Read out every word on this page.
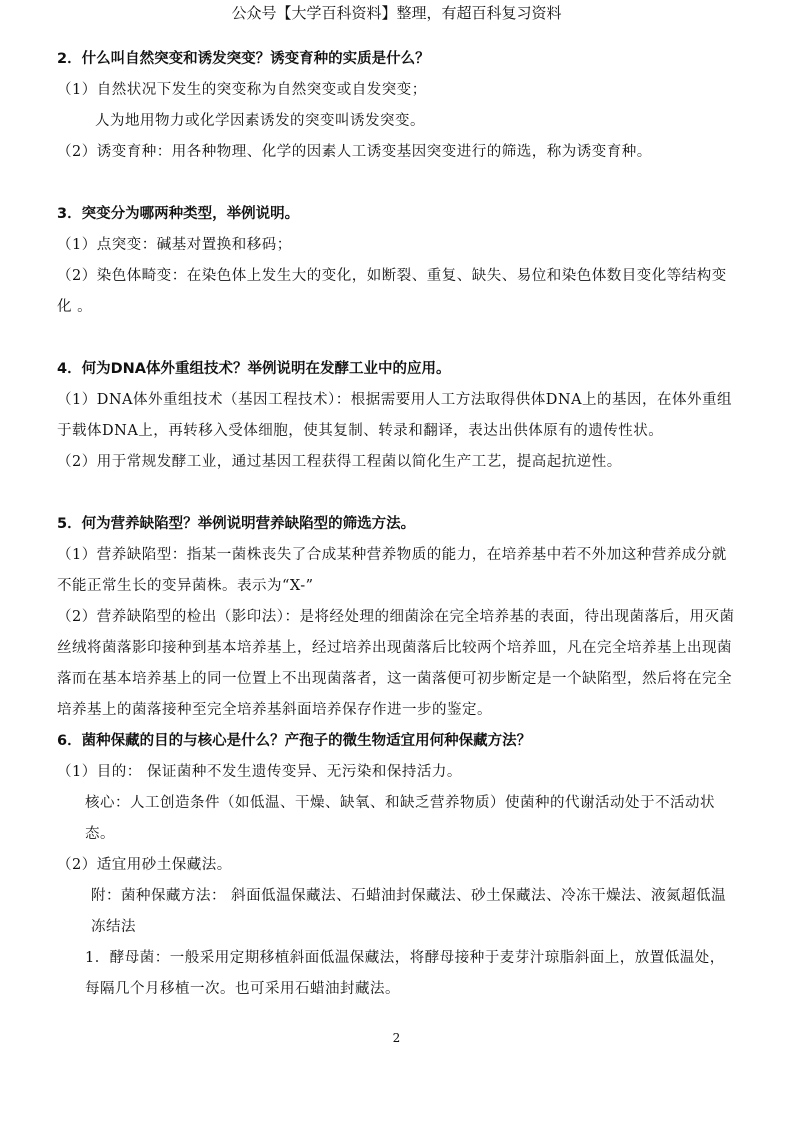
公众号【大学百科资料】整理，有超百科复习资料
2．什么叫自然突变和诱发突变？诱变育种的实质是什么？
（1）自然状况下发生的突变称为自然突变或自发突变；
人为地用物力或化学因素诱发的突变叫诱发突变。
（2）诱变育种：用各种物理、化学的因素人工诱变基因突变进行的筛选，称为诱变育种。
3．突变分为哪两种类型，举例说明。
（1）点突变：碱基对置换和移码；
（2）染色体畸变：在染色体上发生大的变化，如断裂、重复、缺失、易位和染色体数目变化等结构变化 。
4．何为DNA体外重组技术？举例说明在发酵工业中的应用。
（1）DNA体外重组技术（基因工程技术）：根据需要用人工方法取得供体DNA上的基因，在体外重组于载体DNA上，再转移入受体细胞，使其复制、转录和翻译，表达出供体原有的遗传性状。
（2）用于常规发酵工业，通过基因工程获得工程菌以简化生产工艺，提高起抗逆性。
5．何为营养缺陷型？举例说明营养缺陷型的筛选方法。
（1）营养缺陷型：指某一菌株丧失了合成某种营养物质的能力，在培养基中若不外加这种营养成分就不能正常生长的变异菌株。表示为“X-”
（2）营养缺陷型的检出（影印法）：是将经处理的细菌涂在完全培养基的表面，待出现菌落后，用灭菌丝绒将菌落影印接种到基本培养基上，经过培养出现菌落后比较两个培养皿，凡在完全培养基上出现菌落而在基本培养基上的同一位置上不出现菌落者，这一菌落便可初步断定是一个缺陷型，然后将在完全培养基上的菌落接种至完全培养基斜面培养保存作进一步的鉴定。
6．菌种保藏的目的与核心是什么？产孢子的微生物适宜用何种保藏方法？
（1）目的： 保证菌种不发生遗传变异、无污染和保持活力。
核心：人工创造条件（如低温、干燥、缺氧、和缺乏营养物质）使菌种的代谢活动处于不活动状态。
（2）适宜用砂土保藏法。
附：菌种保藏方法： 斜面低温保藏法、石蜡油封保藏法、砂土保藏法、冷冻干燥法、液氮超低温冻结法
1．酵母菌：一般采用定期移植斜面低温保藏法，将酵母接种于麦芽汁琼脂斜面上，放置低温处，每隔几个月移植一次。也可采用石蜡油封藏法。
2
